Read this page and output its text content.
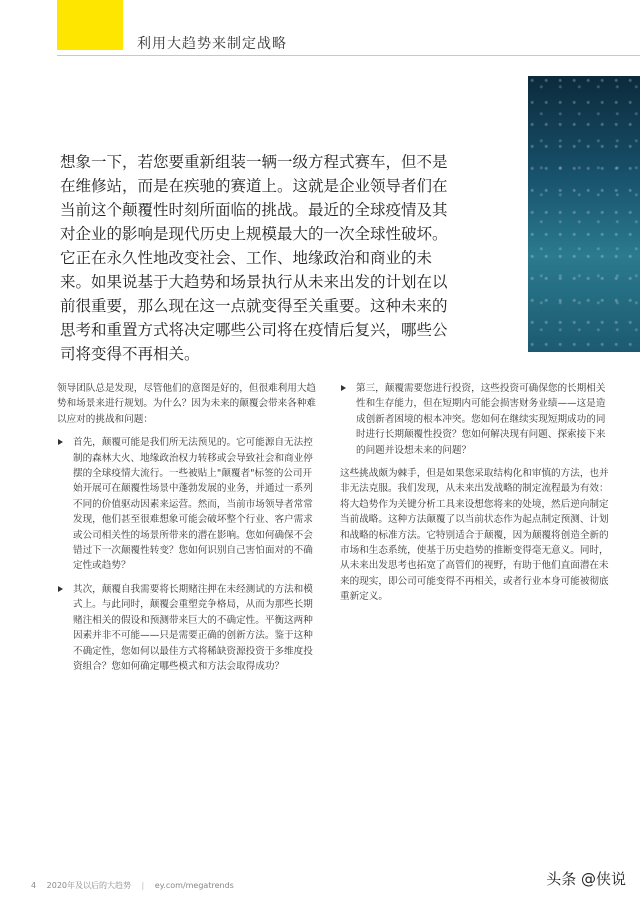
利用大趋势来制定战略

想象一下，若您要重新组装一辆一级方程式赛车，但不是在维修站，而是在疾驰的赛道上。这就是企业领导者们在当前这个颠覆性时刻所面临的挑战。最近的全球疫情及其对企业的影响是现代历史上规模最大的一次全球性破坏。它正在永久性地改变社会、工作、地缘政治和商业的未来。如果说基于大趋势和场景执行从未来出发的计划在以前很重要，那么现在这一点就变得至关重要。这种未来的思考和重置方式将决定哪些公司将在疫情后复兴，哪些公司将变得不再相关。

领导团队总是发现，尽管他们的意图是好的，但很难利用大趋势和场景来进行规划。为什么？因为未来的颠覆会带来各种难以应对的挑战和问题：

首先，颠覆可能是我们所无法预见的。它可能源自无法控制的森林大火、地缘政治权力转移或会导致社会和商业停摆的全球疫情大流行。一些被贴上"颠覆者"标签的公司开始开展可在颠覆性场景中蓬勃发展的业务，并通过一系列不同的价值驱动因素来运营。然而，当前市场领导者常常发现，他们甚至很难想象可能会破坏整个行业、客户需求或公司相关性的场景所带来的潜在影响。您如何确保不会错过下一次颠覆性转变？您如何识别自己害怕面对的不确定性或趋势？
其次，颠覆自我需要将长期赌注押在未经测试的方法和模式上。与此同时，颠覆会重塑竞争格局，从而为那些长期赌注相关的假设和预测带来巨大的不确定性。平衡这两种因素并非不可能——只是需要正确的创新方法。鉴于这种不确定性，您如何以最佳方式将稀缺资源投资于多维度投资组合？您如何确定哪些模式和方法会取得成功？
第三，颠覆需要您进行投资，这些投资可确保您的长期相关性和生存能力，但在短期内可能会损害财务业绩——这是造成创新者困境的根本冲突。您如何在继续实现短期成功的同时进行长期颠覆性投资？您如何解决现有问题、探索接下来的问题并设想未来的问题？

这些挑战颇为棘手，但是如果您采取结构化和审慎的方法，也并非无法克服。我们发现，从未来出发战略的制定流程最为有效：将大趋势作为关键分析工具来设想您将来的处境，然后逆向制定当前战略。这种方法颠覆了以当前状态作为起点制定预测、计划和战略的标准方法。它特别适合于颠覆，因为颠覆将创造全新的市场和生态系统，使基于历史趋势的推断变得毫无意义。同时，从未来出发思考也拓宽了高管们的视野，有助于他们直面潜在未来的现实，即公司可能变得不再相关，或者行业本身可能被彻底重新定义。

4 2020年及以后的大趋势 | ey.com/megatrends	头条 @侠说
